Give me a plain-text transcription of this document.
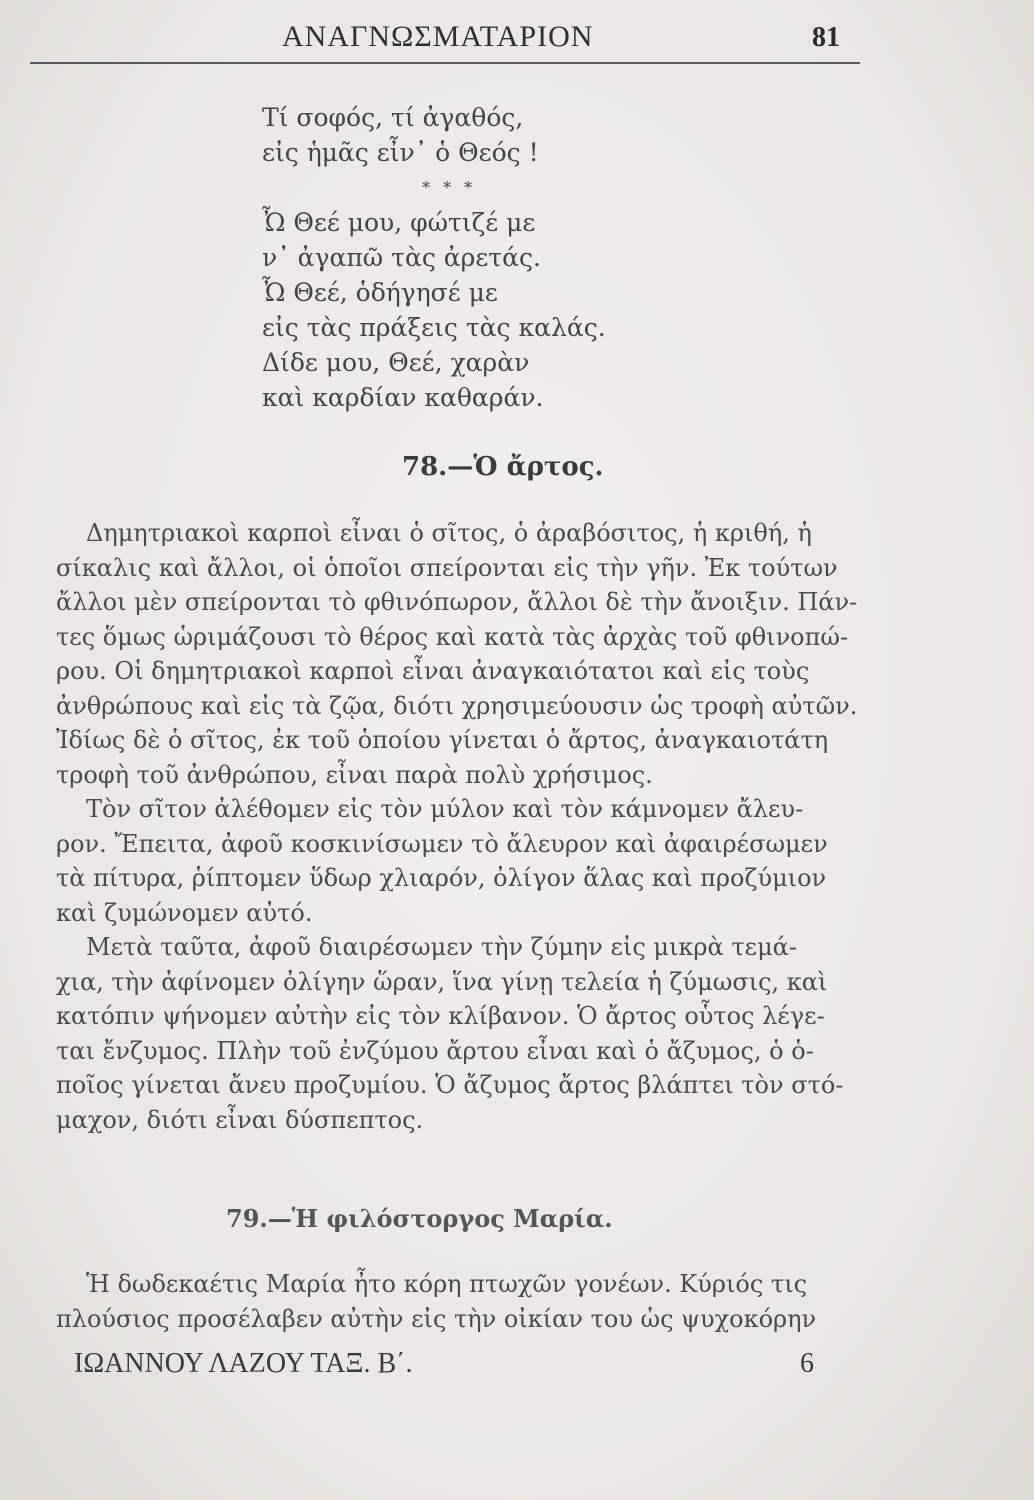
ΑΝΑΓΝΩΣΜΑΤΑΡΙΟΝ	81
Τί σοφός, τί ἀγαθός,
εἰς ἡμᾶς εἶν᾽ ὁ Θεός !
* * *
Ὦ Θεέ μου, φώτιζέ με
ν᾽ ἀγαπῶ τὰς ἀρετάς.
Ὦ Θεέ, ὁδήγησέ με
εἰς τὰς πράξεις τὰς καλάς.
Δίδε μου, Θεέ, χαρὰν
καὶ καρδίαν καθαράν.
78.—Ὁ ἄρτος.
Δημητριακοὶ καρποὶ εἶναι ὁ σῖτος, ὁ ἀραβόσιτος, ἡ κριθή, ἡ
σίκαλις καὶ ἄλλοι, οἱ ὁποῖοι σπείρονται εἰς τὴν γῆν. Ἐκ τούτων
ἄλλοι μὲν σπείρονται τὸ φθινόπωρον, ἄλλοι δὲ τὴν ἄνοιξιν. Πάν-
τες ὅμως ὡριμάζουσι τὸ θέρος καὶ κατὰ τὰς ἀρχὰς τοῦ φθινοπώ-
ρου. Οἱ δημητριακοὶ καρποὶ εἶναι ἀναγκαιότατοι καὶ εἰς τοὺς
ἀνθρώπους καὶ εἰς τὰ ζῷα, διότι χρησιμεύουσιν ὡς τροφὴ αὐτῶν.
Ἰδίως δὲ ὁ σῖτος, ἐκ τοῦ ὁποίου γίνεται ὁ ἄρτος, ἀναγκαιοτάτη
τροφὴ τοῦ ἀνθρώπου, εἶναι παρὰ πολὺ χρήσιμος.
Τὸν σῖτον ἀλέθομεν εἰς τὸν μύλον καὶ τὸν κάμνομεν ἄλευ-
ρον. Ἔπειτα, ἀφοῦ κοσκινίσωμεν τὸ ἄλευρον καὶ ἀφαιρέσωμεν
τὰ πίτυρα, ῥίπτομεν ὕδωρ χλιαρόν, ὀλίγον ἅλας καὶ προζύμιον
καὶ ζυμώνομεν αὐτό.
Μετὰ ταῦτα, ἀφοῦ διαιρέσωμεν τὴν ζύμην εἰς μικρὰ τεμά-
χια, τὴν ἀφίνομεν ὀλίγην ὥραν, ἵνα γίνῃ τελεία ἡ ζύμωσις, καὶ
κατόπιν ψήνομεν αὐτὴν εἰς τὸν κλίβανον. Ὁ ἄρτος οὗτος λέγε-
ται ἔνζυμος. Πλὴν τοῦ ἐνζύμου ἄρτου εἶναι καὶ ὁ ἄζυμος, ὁ ὁ-
ποῖος γίνεται ἄνευ προζυμίου. Ὁ ἄζυμος ἄρτος βλάπτει τὸν στό-
μαχον, διότι εἶναι δύσπεπτος.
79.—Ἡ φιλόστοργος Μαρία.
Ἡ δωδεκαέτις Μαρία ἦτο κόρη πτωχῶν γονέων. Κύριός τις
πλούσιος προσέλαβεν αὐτὴν εἰς τὴν οἰκίαν του ὡς ψυχοκόρην
ΙΩΑΝΝΟΥ ΛΑΖΟΥ ΤΑΞ. Β΄.	6
